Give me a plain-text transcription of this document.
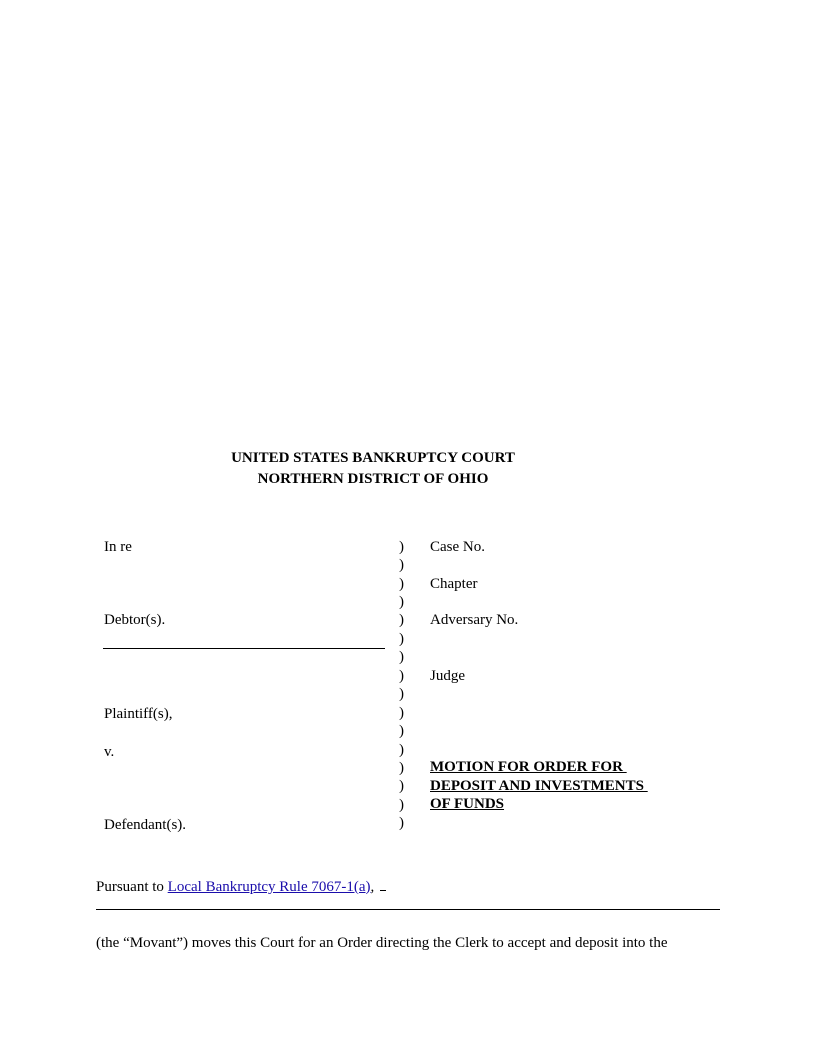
UNITED STATES BANKRUPTCY COURT
NORTHERN DISTRICT OF OHIO
In re
Debtor(s).
Plaintiff(s),
v.
Defendant(s).
)
)
)
)
)
)
)
)
)
)
)
)
)
)
)
)
Case No.
Chapter
Adversary No.
Judge
MOTION FOR ORDER FOR
DEPOSIT AND INVESTMENTS
OF FUNDS
Pursuant to Local Bankruptcy Rule 7067-1(a),
(the “Movant”) moves this Court for an Order directing the Clerk to accept and deposit into the
